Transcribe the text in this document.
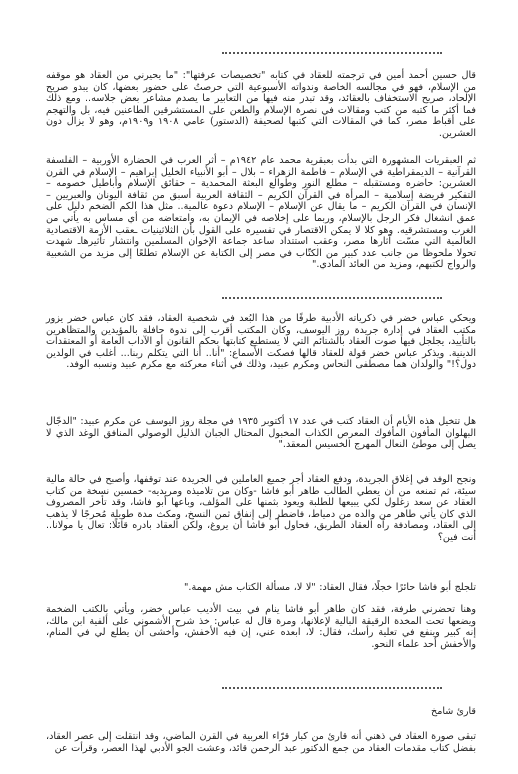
قال حسين أحمد أمين في ترجمته للعقاد في كتابه "تخصيصات عرفتها": "ما يحيرني من العقاد هو موقفه من الإسلام، فهو في مجالسه الخاصة وندواته الأسبوعية التي حرصتُ على حضور بعضها، كان يبدو صريح الإلحاد، صريح الاستخفاف بالعقائد، وقد تبدر منه فيها من التعابير ما يصدم مشاعر بعض جلاسه.. ومع ذلك فما أكثر ما كتبه من كتب ومقالات في نصرة الإسلام والطعن على المستشرقين الطاعنين فيه، بل والتهجم على أقباط مصر، كما في المقالات التي كتبها لصحيفة (الدستور) عامي ١٩٠٨ و١٩٠٩م، وهو لا يزال دون العشرين.

ثم العبقريات المشهورة التي بدأت بعبقرية محمد عام ١٩٤٢م – أثر العرب في الحضارة الأوربية – الفلسفة القرآنية – الديمقراطية في الإسلام – فاطمة الزهراء – بلال – أبو الأنبياء الخليل إبراهيم – الإسلام في القرن العشرين: حاضره ومستقبله – مطلع النور وطوالع البعثة المحمدية – حقائق الإسلام وأباطيل خصومه – التفكير فريضة إسلامية – المرأة في القرآن الكريم – الثقافة العربية أسبق من ثقافة اليونان والعبريين – الإنسان في القرآن الكريم – ما يقال عن الإسلام – الإسلام دعوة عالمية.. مثل هذا الكم الضخم دليل على عمق انشغال فكر الرجل بالإسلام، وربما على إخلاصه في الإيمان به، وامتعاضه من أي مساس به يأتي من الغرب ومستشرقيه. وهو كلا لا يمكن الاقتصار في تفسيره على القول بأن الثلاثينيات ـعقب الأزمة الاقتصادية العالمية التي مسّت آثارها مصر، وعقب استتداد ساعد جماعة الإخوان المسلمين وانتشار تأثيرهاـ شهدت تحولا ملحوظا من جانب عدد كبير من الكتّاب في مصر إلى الكتابة عن الإسلام تطلعًا إلى مزيد من الشعبية والرواج لكتبهم، ومزيد من العائد المادي."

ويحكي عباس خضر في ذكرياته الأدبية طرفًا من هذا البُعد في شخصية العقاد، فقد كان عباس خضر يزور مكتب العقاد في إدارة جريدة روز اليوسف، وكان المكتب أقرب إلى ندوة حافلة بالمؤيدين والمتظاهرين بالتأييد، يجلجل فيها صوت العقاد بالشتائم التي لا يستطيع كتابتها بحكم القانون أو الآداب العامة أو المعتقدات الدينية. ويذكر عباس خضر قولة للعقاد قالها فصكت الأسماع: "أنا.. أنا التي يتكلم ربنا... أغلب في الولدين دول؟!" والولدان هما مصطفى النحاس ومكرم عبيد، وذلك في أثناء معركته مع مكرم عبيد ونسبه الوفد.

هل تتخيل هذه الأيام أن العقاد كتب في عدد ١٧ أكتوبر ١٩٣٥ في مجلة روز اليوسف عن مكرم عبيد: "الدجّال البهلوان المأفون المأفوك المعرص الكذاب المخبول المحتال الجبان الذليل الوصولي المنافق الوغد الذي لا يصل إلى موطئ النعال المهرج الخسيس المعقد."

ونجح الوفد في إغلاق الجريدة، ودفع العقاد أجر جميع العاملين في الجريدة عند توقفها، وأصبح في حالة مالية سيئة، ثم تمنعه من أن يعطي الطالب طاهر أبو فاشا -وكان من تلاميذه ومريديه- خمسين نسخة من كتاب العقاد عن سعد زغلول لكي يبيعها للطلبة ويعود بثمنها على المؤلف، وباعها أبو فاشا، وقد تأخر المصروف الذي كان يأتي طاهر من والده من دمياط، فاضطر إلى إنفاق ثمن النسخ، ومكث مدة طويلة مُحرجًا لا يذهب إلى العقاد، ومصادفة رآه العقاد الطريق، فحاول أبو فاشا أن يروغ، ولكن العقاد بادره قائلًا: تعال يا مولانا.. أنت فين؟

تلجلج أبو فاشا حائرًا خجلًا، فقال العقاد: "لا لا، مسألة الكتاب مش مهمة."

وهنا تحضرني طرفة، فقد كان طاهر أبو فاشا ينام في بيت الأديب عباس خضر، ويأتي بالكتب الضخمة ويضعها تحت المخدة الرقيقة البالية لإعلانها، ومرة قال له عباس: خذ شرح الأشموني على ألفية ابن مالك، إنه كبير وينفع في تعلية رأسك، فقال: لا، ابعده عني، إن فيه الأخفش، وأخشى أن يطلع لي في المنام، والأخفش أحد علماء النحو.

قارئ شامخ

تبقى صورة العقاد في ذهني أنه قارئ من كبار قرّاء العربية في القرن الماضي، وقد انتقلت إلى عصر العقاد، بفضل كتاب مقدمات العقاد من جمع الدكتور عبد الرحمن قائد، وعشت الجو الأدبي لهذا العصر، وقرأت عن
